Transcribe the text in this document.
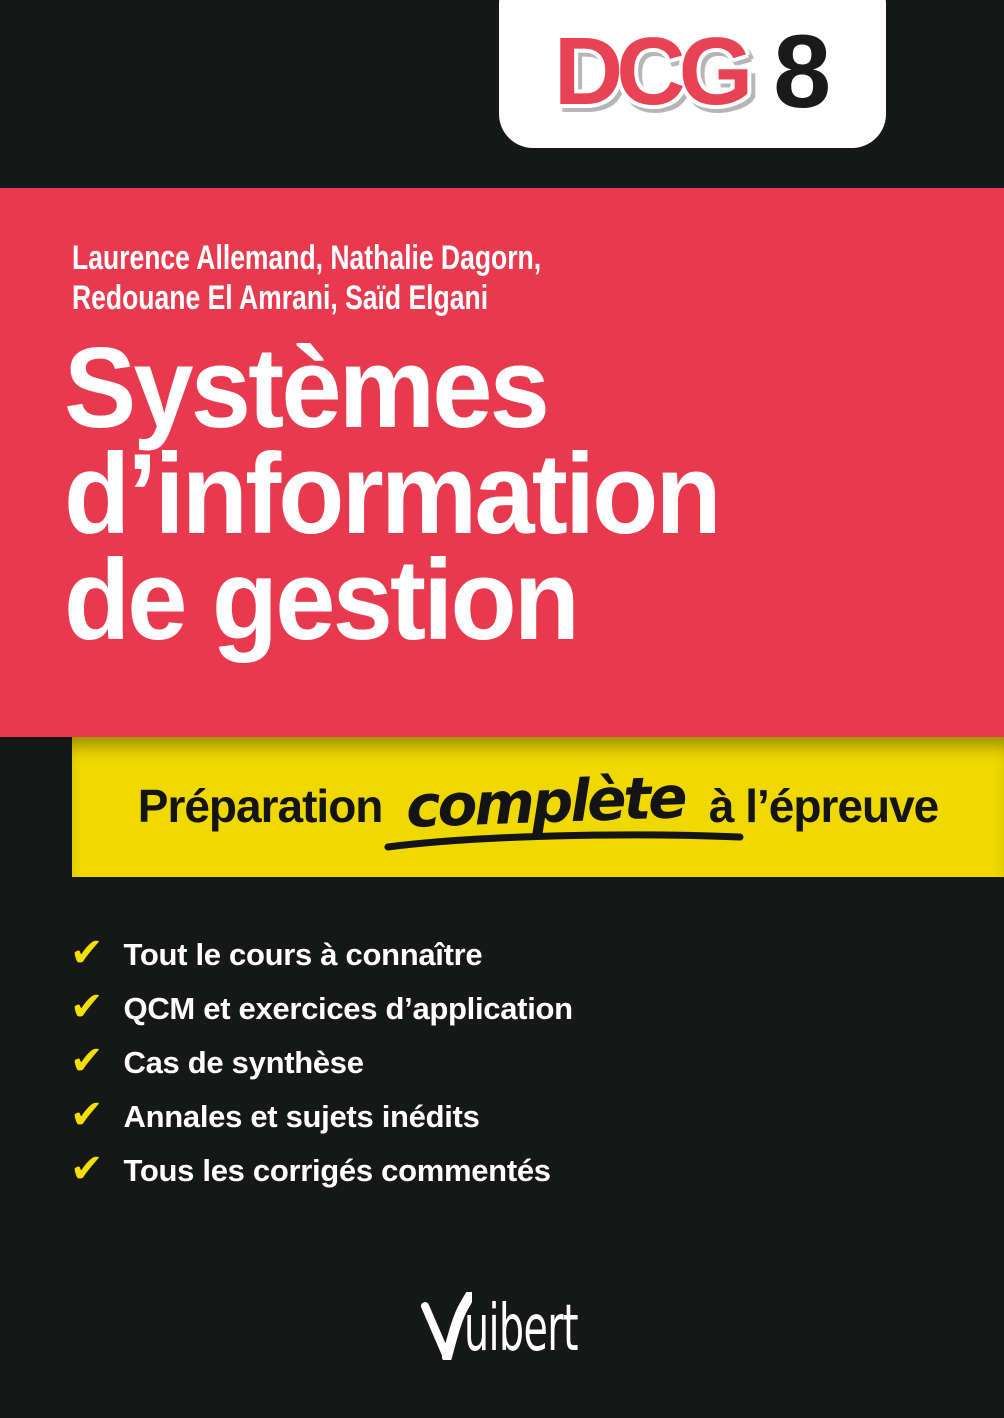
DCG 8
Laurence Allemand, Nathalie Dagorn,
Redouane El Amrani, Saïd Elgani
Systèmes
d’information
de gestion
Préparation complète à l’épreuve
✔ Tout le cours à connaître
✔ QCM et exercices d’application
✔ Cas de synthèse
✔ Annales et sujets inédits
✔ Tous les corrigés commentés
uibert
